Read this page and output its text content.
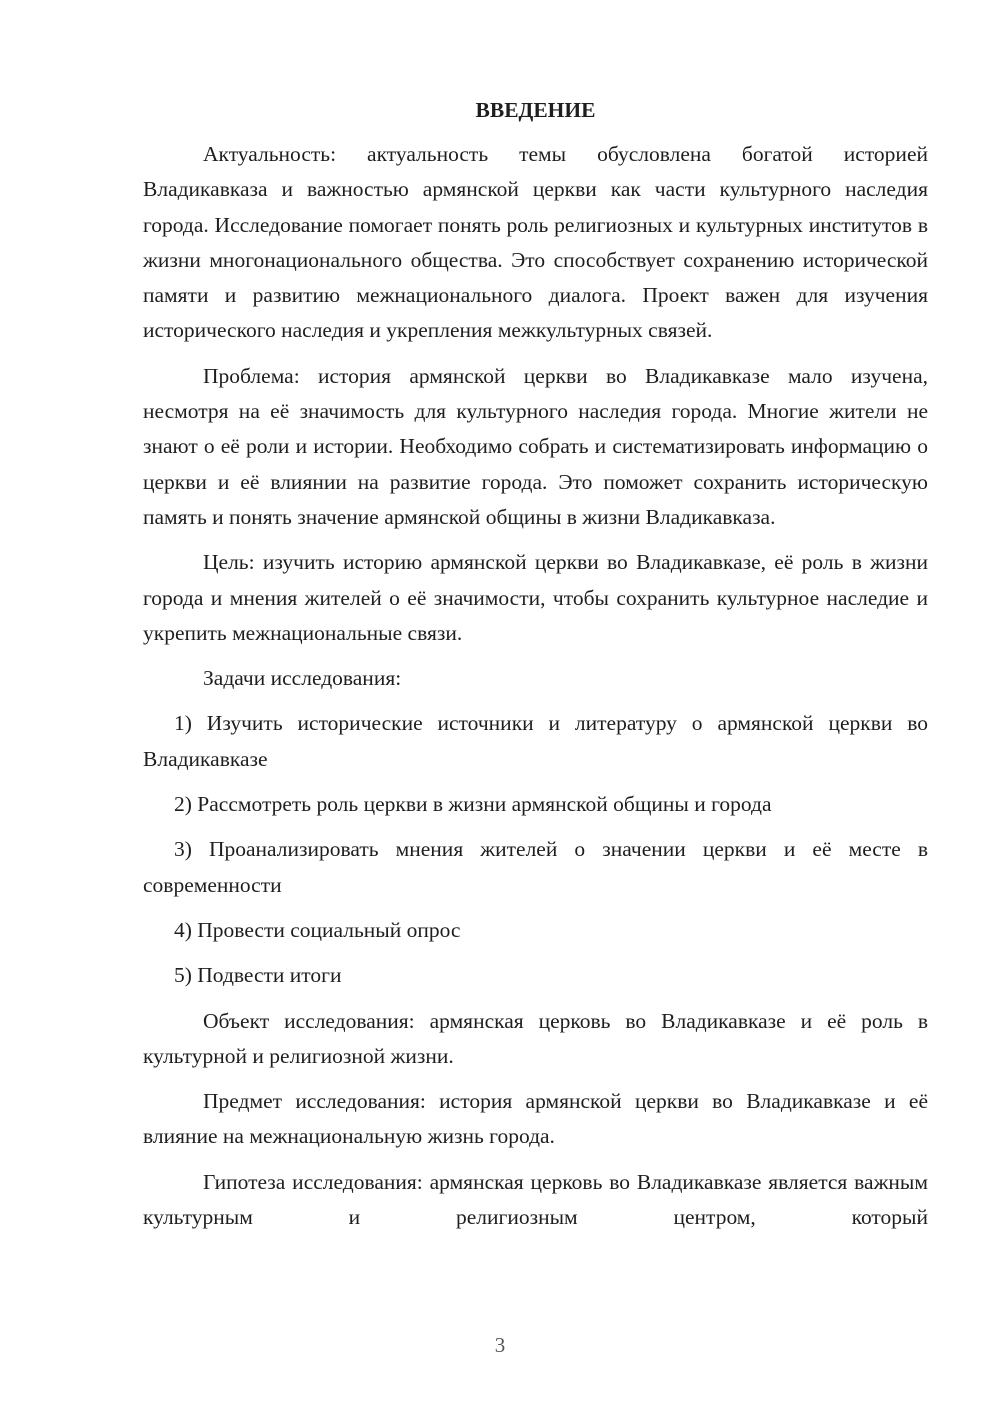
ВВЕДЕНИЕ

Актуальность: актуальность темы обусловлена богатой историей Владикавказа и важностью армянской церкви как части культурного наследия города. Исследование помогает понять роль религиозных и культурных институтов в жизни многонационального общества. Это способствует сохранению исторической памяти и развитию межнационального диалога. Проект важен для изучения исторического наследия и укрепления межкультурных связей.

Проблема: история армянской церкви во Владикавказе мало изучена, несмотря на её значимость для культурного наследия города. Многие жители не знают о её роли и истории. Необходимо собрать и систематизировать информацию о церкви и её влиянии на развитие города. Это поможет сохранить историческую память и понять значение армянской общины в жизни Владикавказа.

Цель: изучить историю армянской церкви во Владикавказе, её роль в жизни города и мнения жителей о её значимости, чтобы сохранить культурное наследие и укрепить межнациональные связи.

Задачи исследования:

1) Изучить исторические источники и литературу о армянской церкви во Владикавказе

2) Рассмотреть роль церкви в жизни армянской общины и города

3) Проанализировать мнения жителей о значении церкви и её месте в современности

4) Провести социальный опрос

5) Подвести итоги

Объект исследования: армянская церковь во Владикавказе и её роль в культурной и религиозной жизни.

Предмет исследования: история армянской церкви во Владикавказе и её влияние на межнациональную жизнь города.

Гипотеза исследования: армянская церковь во Владикавказе является важным культурным и религиозным центром, который

3
